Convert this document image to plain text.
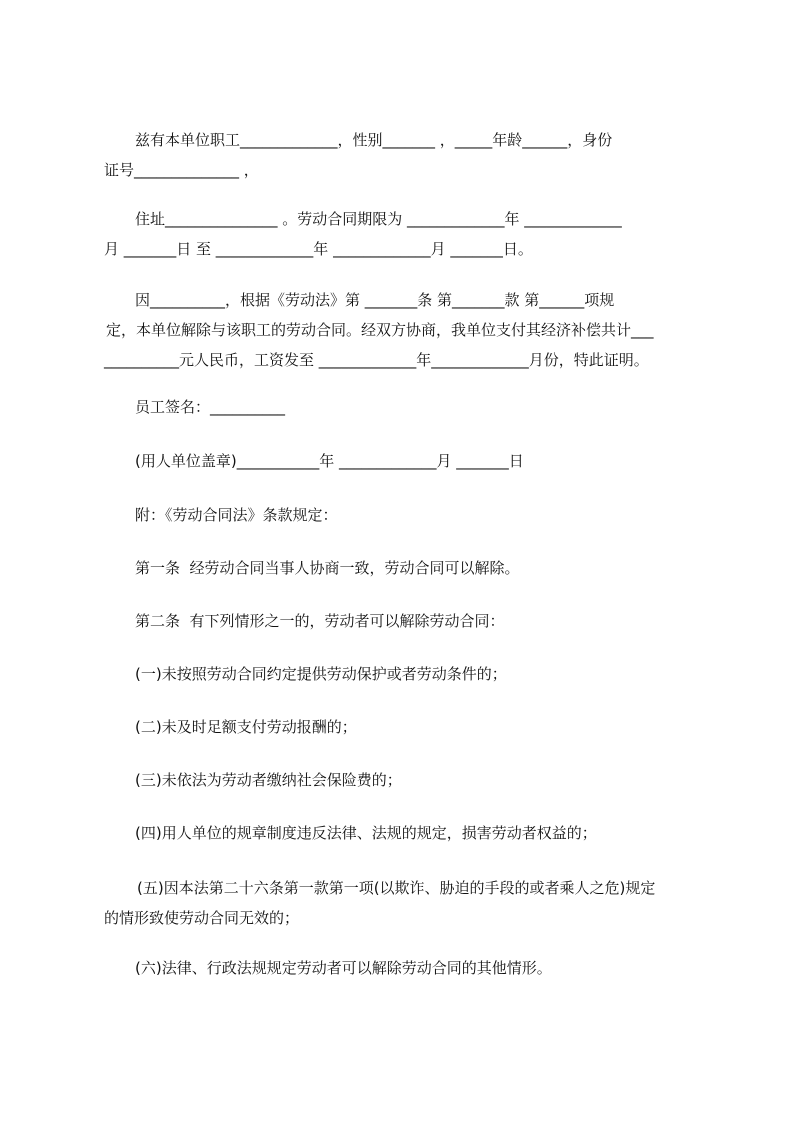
兹有本单位职工_____________，性别_______ ，_____年龄______，身份
证号______________ ，
住址_______________ 。劳动合同期限为 _____________年 _____________
月 _______日 至 _____________年 _____________月 _______日。
因__________，根据《劳动法》第 _______条 第_______款 第______项规
定，本单位解除与该职工的劳动合同。经双方协商，我单位支付其经济补偿共计___
__________元人民币，工资发至 _____________年_____________月份，特此证明。
员工签名：__________
(用人单位盖章)___________年 _____________月 _______日
附：《劳动合同法》条款规定：
第一条  经劳动合同当事人协商一致，劳动合同可以解除。
第二条  有下列情形之一的，劳动者可以解除劳动合同：
(一)未按照劳动合同约定提供劳动保护或者劳动条件的；
(二)未及时足额支付劳动报酬的；
(三)未依法为劳动者缴纳社会保险费的；
(四)用人单位的规章制度违反法律、法规的规定，损害劳动者权益的；
(五)因本法第二十六条第一款第一项(以欺诈、胁迫的手段的或者乘人之危)规定
的情形致使劳动合同无效的；
(六)法律、行政法规规定劳动者可以解除劳动合同的其他情形。
